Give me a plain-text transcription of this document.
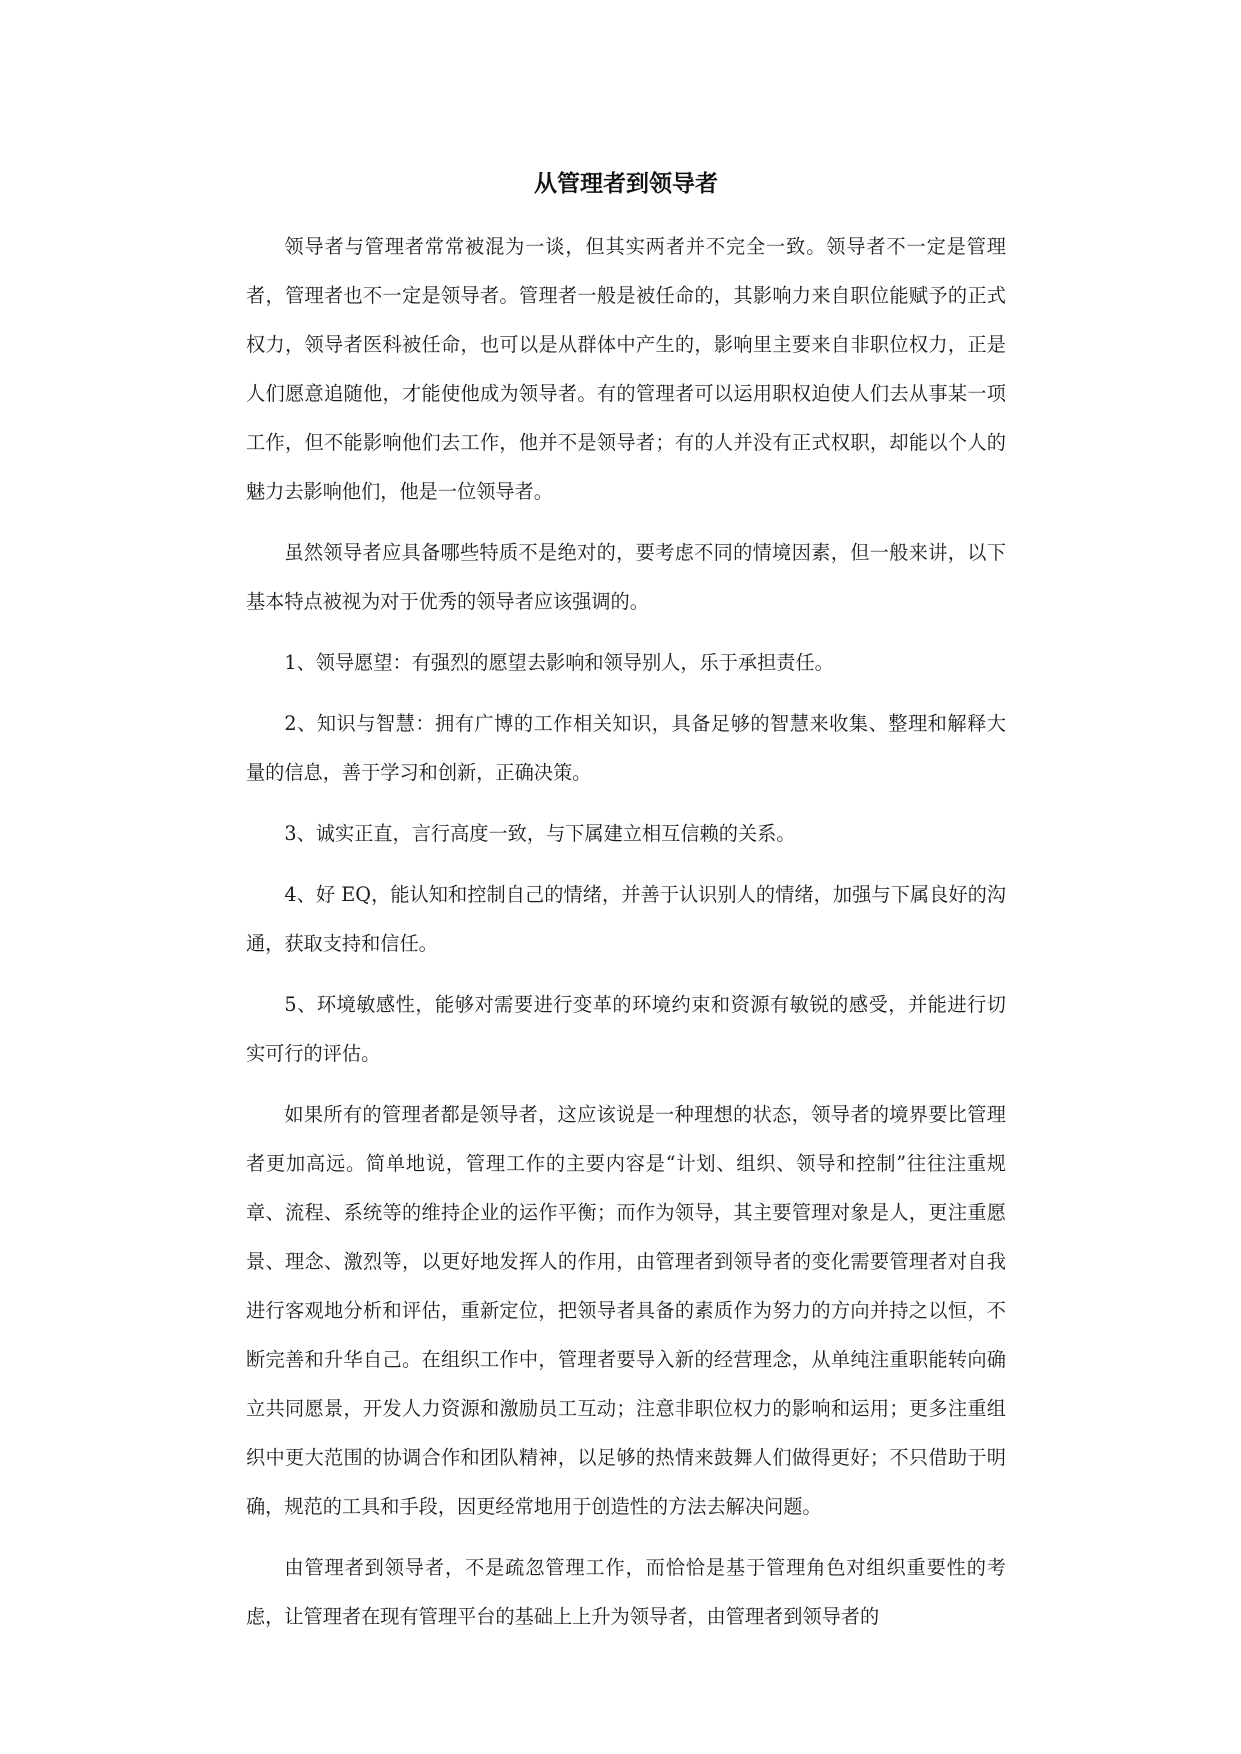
从管理者到领导者

领导者与管理者常常被混为一谈，但其实两者并不完全一致。领导者不一定是管理者，管理者也不一定是领导者。管理者一般是被任命的，其影响力来自职位能赋予的正式权力，领导者医科被任命，也可以是从群体中产生的，影响里主要来自非职位权力，正是人们愿意追随他，才能使他成为领导者。有的管理者可以运用职权迫使人们去从事某一项工作，但不能影响他们去工作，他并不是领导者；有的人并没有正式权职，却能以个人的魅力去影响他们，他是一位领导者。

虽然领导者应具备哪些特质不是绝对的，要考虑不同的情境因素，但一般来讲，以下基本特点被视为对于优秀的领导者应该强调的。

1、领导愿望：有强烈的愿望去影响和领导别人，乐于承担责任。

2、知识与智慧：拥有广博的工作相关知识，具备足够的智慧来收集、整理和解释大量的信息，善于学习和创新，正确决策。

3、诚实正直，言行高度一致，与下属建立相互信赖的关系。

4、好 EQ，能认知和控制自己的情绪，并善于认识别人的情绪，加强与下属良好的沟通，获取支持和信任。

5、环境敏感性，能够对需要进行变革的环境约束和资源有敏锐的感受，并能进行切实可行的评估。

如果所有的管理者都是领导者，这应该说是一种理想的状态，领导者的境界要比管理者更加高远。简单地说，管理工作的主要内容是“计划、组织、领导和控制”往往注重规章、流程、系统等的维持企业的运作平衡；而作为领导，其主要管理对象是人，更注重愿景、理念、激烈等，以更好地发挥人的作用，由管理者到领导者的变化需要管理者对自我进行客观地分析和评估，重新定位，把领导者具备的素质作为努力的方向并持之以恒，不断完善和升华自己。在组织工作中，管理者要导入新的经营理念，从单纯注重职能转向确立共同愿景，开发人力资源和激励员工互动；注意非职位权力的影响和运用；更多注重组织中更大范围的协调合作和团队精神，以足够的热情来鼓舞人们做得更好；不只借助于明确，规范的工具和手段，因更经常地用于创造性的方法去解决问题。

由管理者到领导者，不是疏忽管理工作，而恰恰是基于管理角色对组织重要性的考虑，让管理者在现有管理平台的基础上上升为领导者，由管理者到领导者的
